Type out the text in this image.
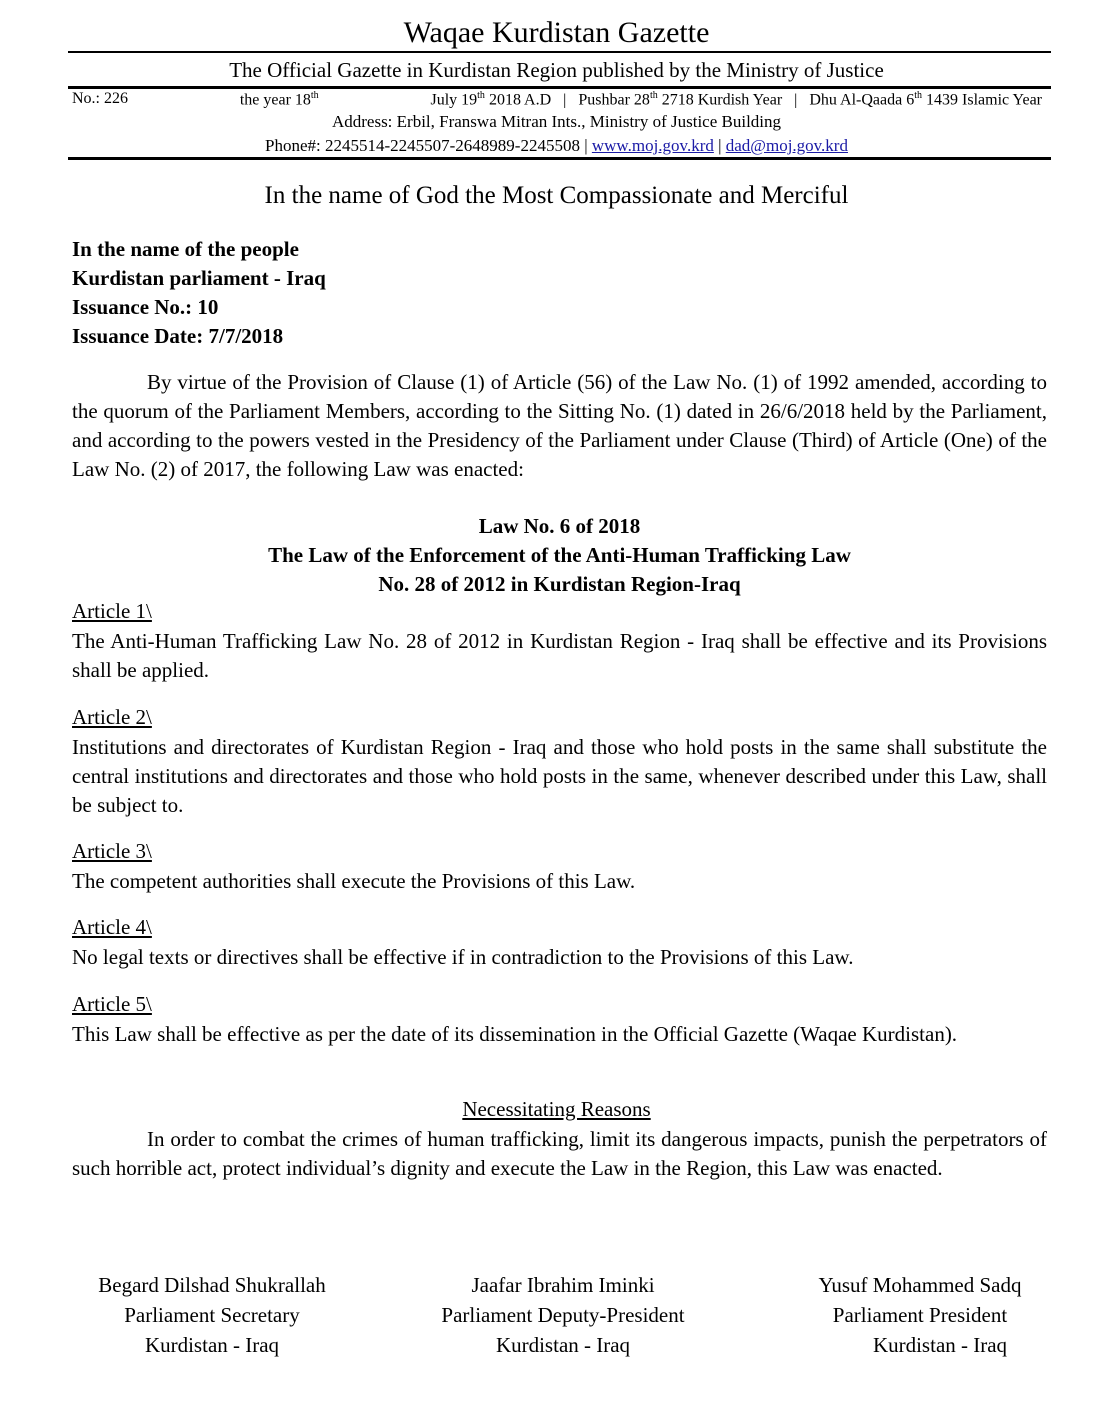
Waqae Kurdistan Gazette
The Official Gazette in Kurdistan Region published by the Ministry of Justice
No.: 226	the year 18th	July 19th 2018 A.D | Pushbar 28th 2718 Kurdish Year | Dhu Al-Qaada 6th 1439 Islamic Year
Address: Erbil, Franswa Mitran Ints., Ministry of Justice Building
Phone#: 2245514-2245507-2648989-2245508 | www.moj.gov.krd | dad@moj.gov.krd
In the name of God the Most Compassionate and Merciful
In the name of the people
Kurdistan parliament - Iraq
Issuance No.: 10
Issuance Date: 7/7/2018
By virtue of the Provision of Clause (1) of Article (56) of the Law No. (1) of 1992 amended, according to the quorum of the Parliament Members, according to the Sitting No. (1) dated in 26/6/2018 held by the Parliament, and according to the powers vested in the Presidency of the Parliament under Clause (Third) of Article (One) of the Law No. (2) of 2017, the following Law was enacted:
Law No. 6 of 2018
The Law of the Enforcement of the Anti-Human Trafficking Law
No. 28 of 2012 in Kurdistan Region-Iraq
Article 1\
The Anti-Human Trafficking Law No. 28 of 2012 in Kurdistan Region - Iraq shall be effective and its Provisions shall be applied.
Article 2\
Institutions and directorates of Kurdistan Region - Iraq and those who hold posts in the same shall substitute the central institutions and directorates and those who hold posts in the same, whenever described under this Law, shall be subject to.
Article 3\
The competent authorities shall execute the Provisions of this Law.
Article 4\
No legal texts or directives shall be effective if in contradiction to the Provisions of this Law.
Article 5\
This Law shall be effective as per the date of its dissemination in the Official Gazette (Waqae Kurdistan).
Necessitating Reasons
In order to combat the crimes of human trafficking, limit its dangerous impacts, punish the perpetrators of such horrible act, protect individual’s dignity and execute the Law in the Region, this Law was enacted.
Begard Dilshad Shukrallah
Parliament Secretary
Kurdistan - Iraq
Jaafar Ibrahim Iminki
Parliament Deputy-President
Kurdistan - Iraq
Yusuf Mohammed Sadq
Parliament President
Kurdistan - Iraq
